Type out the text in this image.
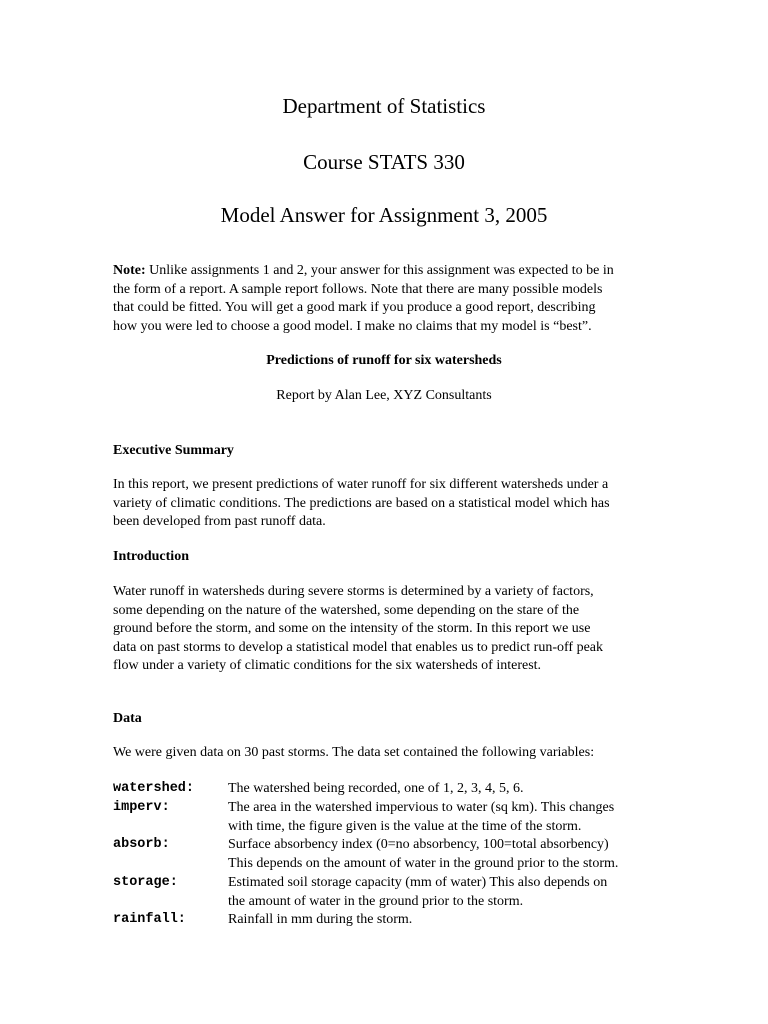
Department of Statistics
Course STATS 330
Model Answer for Assignment 3, 2005
Note: Unlike assignments 1 and 2, your answer for this assignment was expected to be in
the form of a report. A sample report follows. Note that there are many possible models
that could be fitted. You will get a good mark if you produce a good report, describing
how you were led to choose a good model. I make no claims that my model is “best”.
Predictions of runoff for six watersheds
Report by Alan Lee, XYZ Consultants
Executive Summary
In this report, we present predictions of water runoff for six different watersheds under a
variety of climatic conditions. The predictions are based on a statistical model which has
been developed from past runoff data.
Introduction
Water runoff in watersheds during severe storms is determined by a variety of factors,
some depending on the nature of the watershed, some depending on the stare of the
ground before the storm, and some on the intensity of the storm. In this report we use
data on past storms to develop a statistical model that enables us to predict run-off peak
flow under a variety of climatic conditions for the six watersheds of interest.
Data
We were given data on 30 past storms. The data set contained the following variables:
watershed: The watershed being recorded, one of 1, 2, 3, 4, 5, 6.
imperv:	The area in the watershed impervious to water (sq km). This changes
with time, the figure given is the value at the time of the storm.
absorb:	Surface absorbency index (0=no absorbency, 100=total absorbency)
This depends on the amount of water in the ground prior to the storm.
storage:	Estimated soil storage capacity (mm of water) This also depends on
the amount of water in the ground prior to the storm.
rainfall:	Rainfall in mm during the storm.
